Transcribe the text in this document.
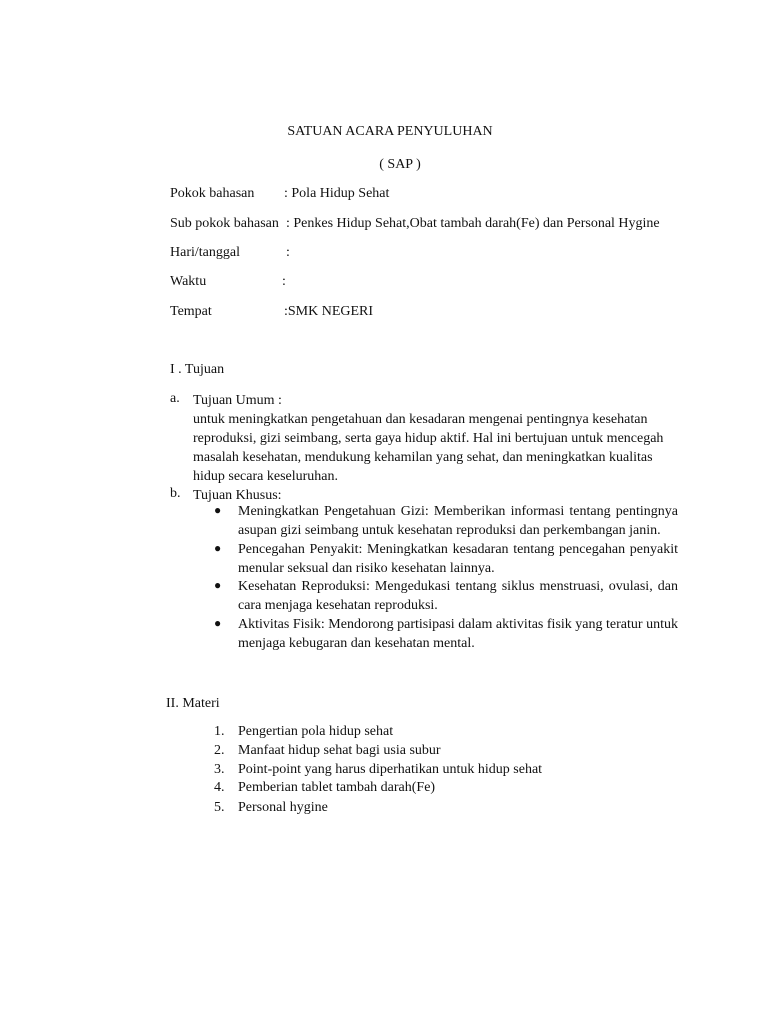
SATUAN ACARA PENYULUHAN
( SAP )
Pokok bahasan : Pola Hidup Sehat
Sub pokok bahasan : Penkes Hidup Sehat,Obat tambah darah(Fe) dan Personal Hygine
Hari/tanggal	:
Waktu	:
Tempat	:SMK NEGERI
I . Tujuan
a. Tujuan Umum :
untuk meningkatkan pengetahuan dan kesadaran mengenai pentingnya kesehatan
reproduksi, gizi seimbang, serta gaya hidup aktif. Hal ini bertujuan untuk mencegah
masalah kesehatan, mendukung kehamilan yang sehat, dan meningkatkan kualitas
hidup secara keseluruhan.
b. Tujuan Khusus:
● Meningkatkan Pengetahuan Gizi: Memberikan informasi tentang pentingnya asupan gizi seimbang untuk kesehatan reproduksi dan perkembangan janin.
● Pencegahan Penyakit: Meningkatkan kesadaran tentang pencegahan penyakit menular seksual dan risiko kesehatan lainnya.
● Kesehatan Reproduksi: Mengedukasi tentang siklus menstruasi, ovulasi, dan cara menjaga kesehatan reproduksi.
● Aktivitas Fisik: Mendorong partisipasi dalam aktivitas fisik yang teratur untuk menjaga kebugaran dan kesehatan mental.
II. Materi
1. Pengertian pola hidup sehat
2. Manfaat hidup sehat bagi usia subur
3. Point-point yang harus diperhatikan untuk hidup sehat
4. Pemberian tablet tambah darah(Fe)
5. Personal hygine
